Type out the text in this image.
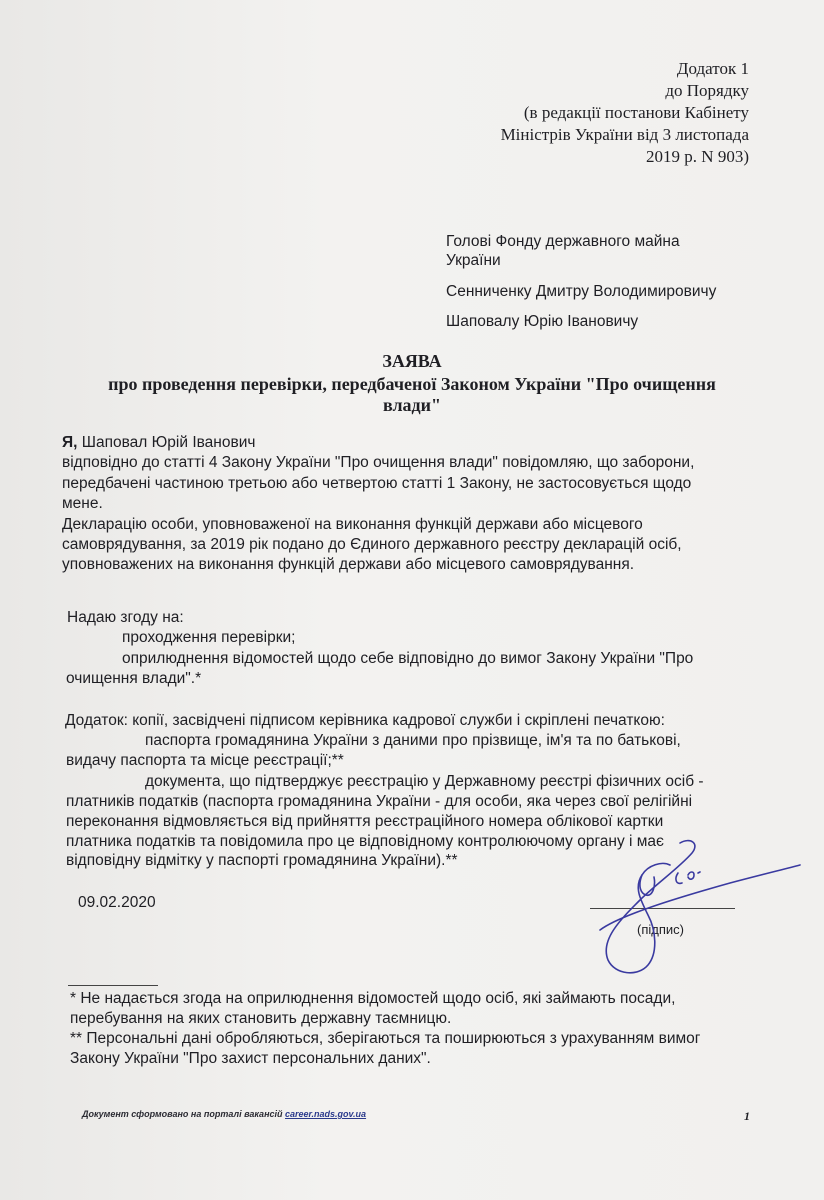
Додаток 1
до Порядку
(в редакції постанови Кабінету
Міністрів України від 3 листопада
2019 р. N 903)
Голові Фонду державного майна
України
Сенниченку Дмитру Володимировичу
Шаповалу Юрію Івановичу
ЗАЯВА
про проведення перевірки, передбаченої Законом України "Про очищення
влади"
Я, Шаповал Юрій Іванович
відповідно до статті 4 Закону України "Про очищення влади" повідомляю, що заборони,
передбачені частиною третьою або четвертою статті 1 Закону, не застосовується щодо
мене.
Декларацію особи, уповноваженої на виконання функцій держави або місцевого
самоврядування, за 2019 рік подано до Єдиного державного реєстру декларацій осіб,
уповноважених на виконання функцій держави або місцевого самоврядування.
Надаю згоду на:
проходження перевірки;
оприлюднення відомостей щодо себе відповідно до вимог Закону України "Про
очищення влади".*
Додаток: копії, засвідчені підписом керівника кадрової служби і скріплені печаткою:
паспорта громадянина України з даними про прізвище, ім'я та по батькові,
видачу паспорта та місце реєстрації;**
документа, що підтверджує реєстрацію у Державному реєстрі фізичних осіб -
платників податків (паспорта громадянина України - для особи, яка через свої релігійні
переконання відмовляється від прийняття реєстраційного номера облікової картки
платника податків та повідомила про це відповідному контролюючому органу і має
відповідну відмітку у паспорті громадянина України).**
09.02.2020
(підпис)
* Не надається згода на оприлюднення відомостей щодо осіб, які займають посади,
перебування на яких становить державну таємницю.
** Персональні дані обробляються, зберігаються та поширюються з урахуванням вимог
Закону України "Про захист персональних даних".
Документ сформовано на порталі вакансій career.nads.gov.ua	1
